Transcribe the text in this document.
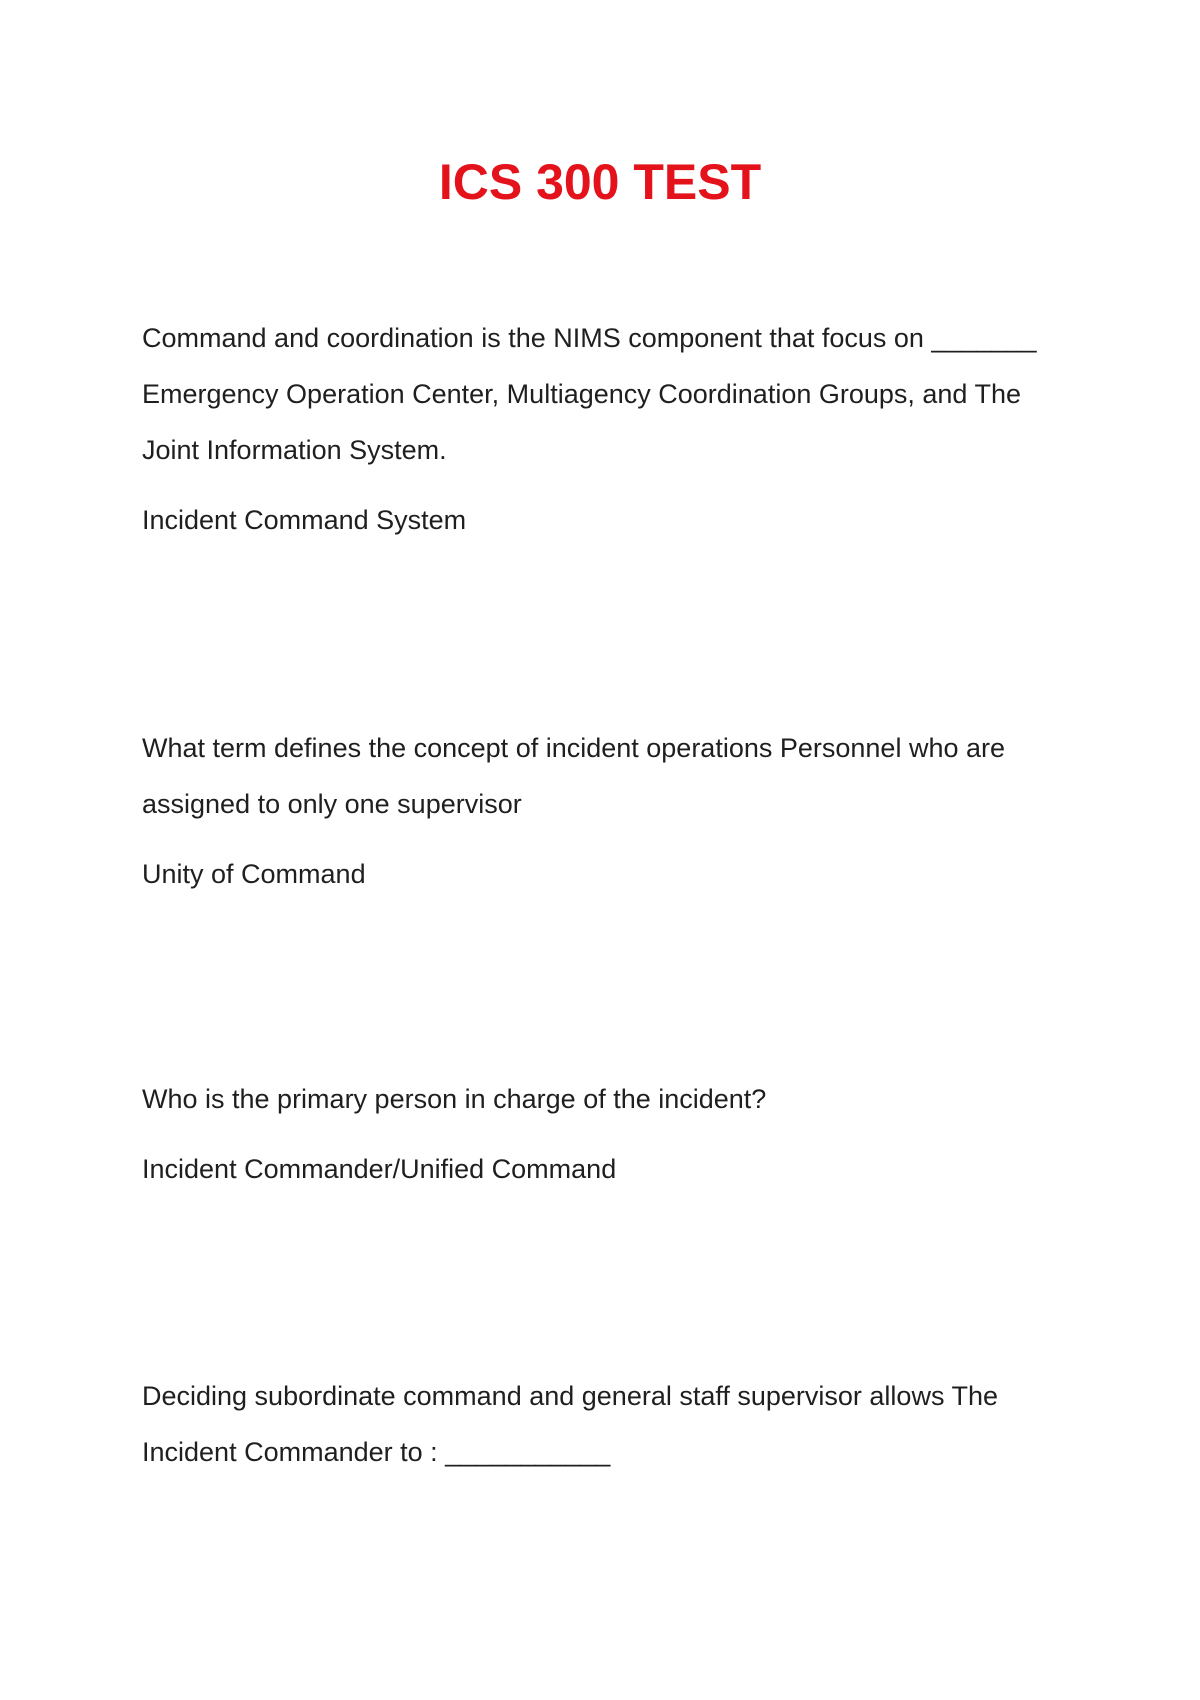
ICS 300 TEST

Command and coordination is the NIMS component that focus on _______ Emergency Operation Center, Multiagency Coordination Groups, and The Joint Information System.

Incident Command System

What term defines the concept of incident operations Personnel who are assigned to only one supervisor

Unity of Command

Who is the primary person in charge of the incident?

Incident Commander/Unified Command

Deciding subordinate command and general staff supervisor allows The Incident Commander to : ___________
